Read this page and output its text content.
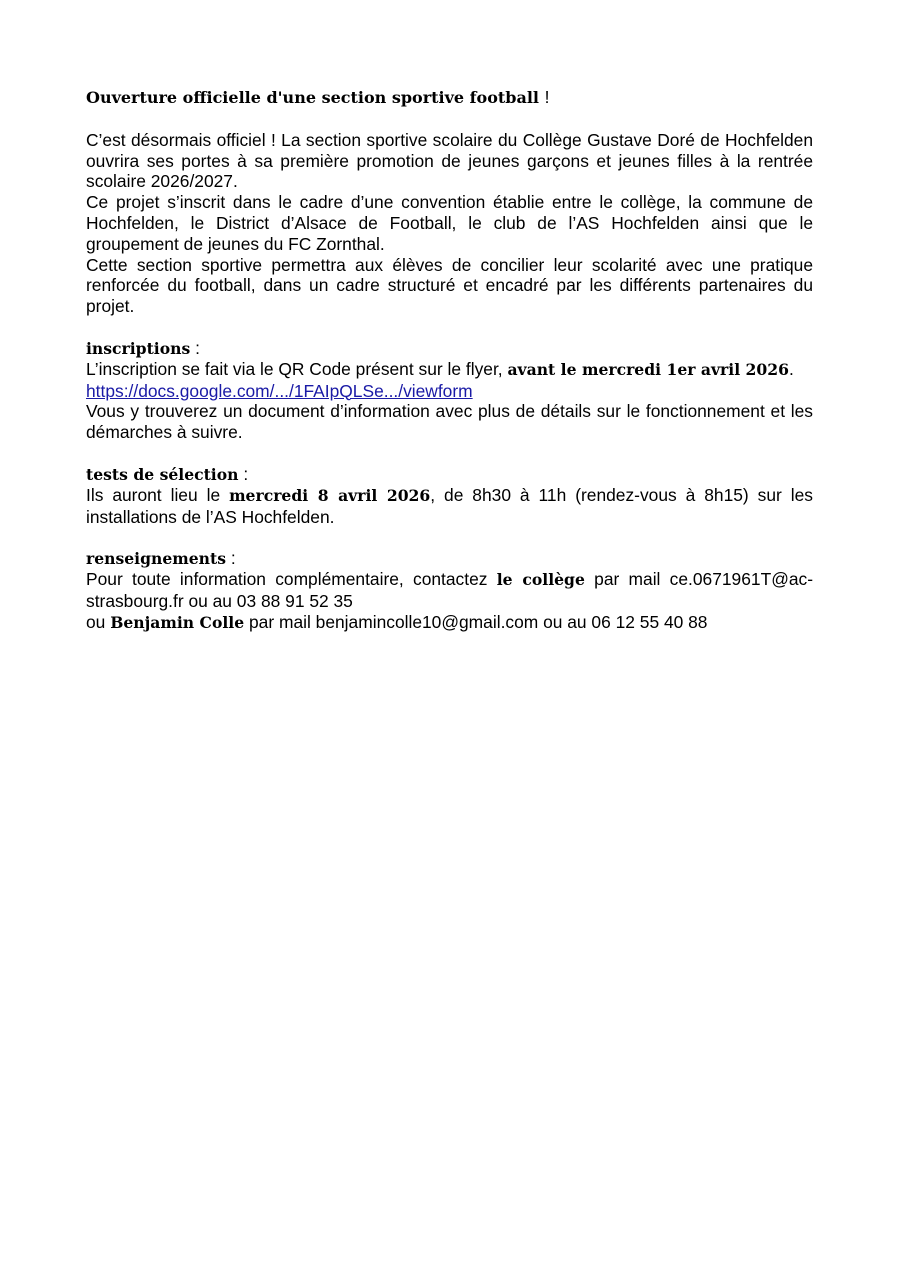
Ouverture officielle d'une section sportive football !

C’est désormais officiel ! La section sportive scolaire du Collège Gustave Doré de Hochfelden ouvrira ses portes à sa première promotion de jeunes garçons et jeunes filles à la rentrée scolaire 2026/2027.

Ce projet s’inscrit dans le cadre d’une convention établie entre le collège, la commune de Hochfelden, le District d’Alsace de Football, le club de l’AS Hochfelden ainsi que le groupement de jeunes du FC Zornthal.

Cette section sportive permettra aux élèves de concilier leur scolarité avec une pratique renforcée du football, dans un cadre structuré et encadré par les différents partenaires du projet.

inscriptions :

L’inscription se fait via le QR Code présent sur le flyer, avant le mercredi 1er avril 2026.

https://docs.google.com/.../1FAIpQLSe.../viewform

Vous y trouverez un document d’information avec plus de détails sur le fonctionnement et les démarches à suivre.

tests de sélection :

Ils auront lieu le mercredi 8 avril 2026, de 8h30 à 11h (rendez-vous à 8h15) sur les installations de l’AS Hochfelden.

renseignements :

Pour toute information complémentaire, contactez le collège par mail ce.0671961T@ac-strasbourg.fr ou au 03 88 91 52 35

ou Benjamin Colle par mail benjamincolle10@gmail.com ou au 06 12 55 40 88
